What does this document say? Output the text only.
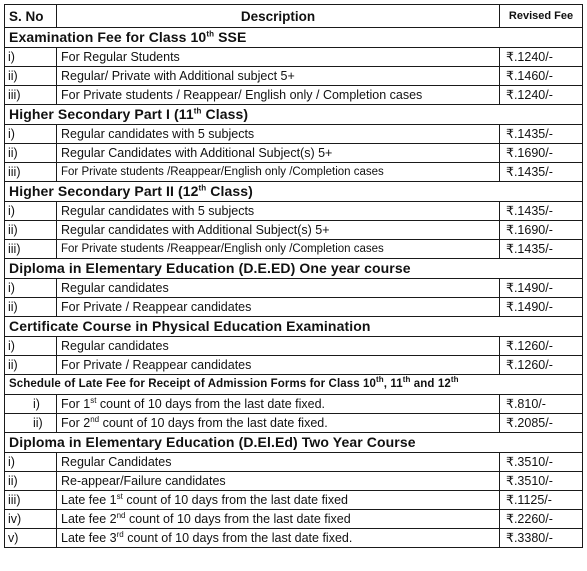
S. No	Description	Revised Fee
Examination Fee for Class 10th SSE		
i)	For Regular Students	₹.1240/-
ii)	Regular/ Private with Additional subject 5+	₹.1460/-
iii)	For Private students / Reappear/ English only / Completion cases	₹.1240/-
Higher Secondary Part I (11th Class)		
i)	Regular candidates with 5 subjects	₹.1435/-
ii)	Regular Candidates with Additional Subject(s) 5+	₹.1690/-
iii)	For Private students /Reappear/English only /Completion cases	₹.1435/-
Higher Secondary Part II (12th Class)		
i)	Regular candidates with 5 subjects	₹.1435/-
ii)	Regular candidates with Additional Subject(s) 5+	₹.1690/-
iii)	For Private students /Reappear/English only /Completion cases	₹.1435/-
Diploma in Elementary Education (D.E.ED) One year course		
i)	Regular candidates	₹.1490/-
ii)	For Private / Reappear candidates	₹.1490/-
Certificate Course in Physical Education Examination		
i)	Regular candidates	₹.1260/-
ii)	For Private / Reappear candidates	₹.1260/-
Schedule of Late Fee for Receipt of Admission Forms for Class 10th, 11th and 12th
i)	For 1st count of 10 days from the last date fixed.	₹.810/-
ii)	For 2nd count of 10 days from the last date fixed.	₹.2085/-
Diploma in Elementary Education (D.El.Ed) Two Year Course		
i)	Regular Candidates	₹.3510/-
ii)	Re-appear/Failure candidates	₹.3510/-
iii)	Late fee 1st count of 10 days from the last date fixed	₹.1125/-
iv)	Late fee 2nd count of 10 days from the last date fixed	₹.2260/-
v)	Late fee 3rd count of 10 days from the last date fixed.	₹.3380/-
